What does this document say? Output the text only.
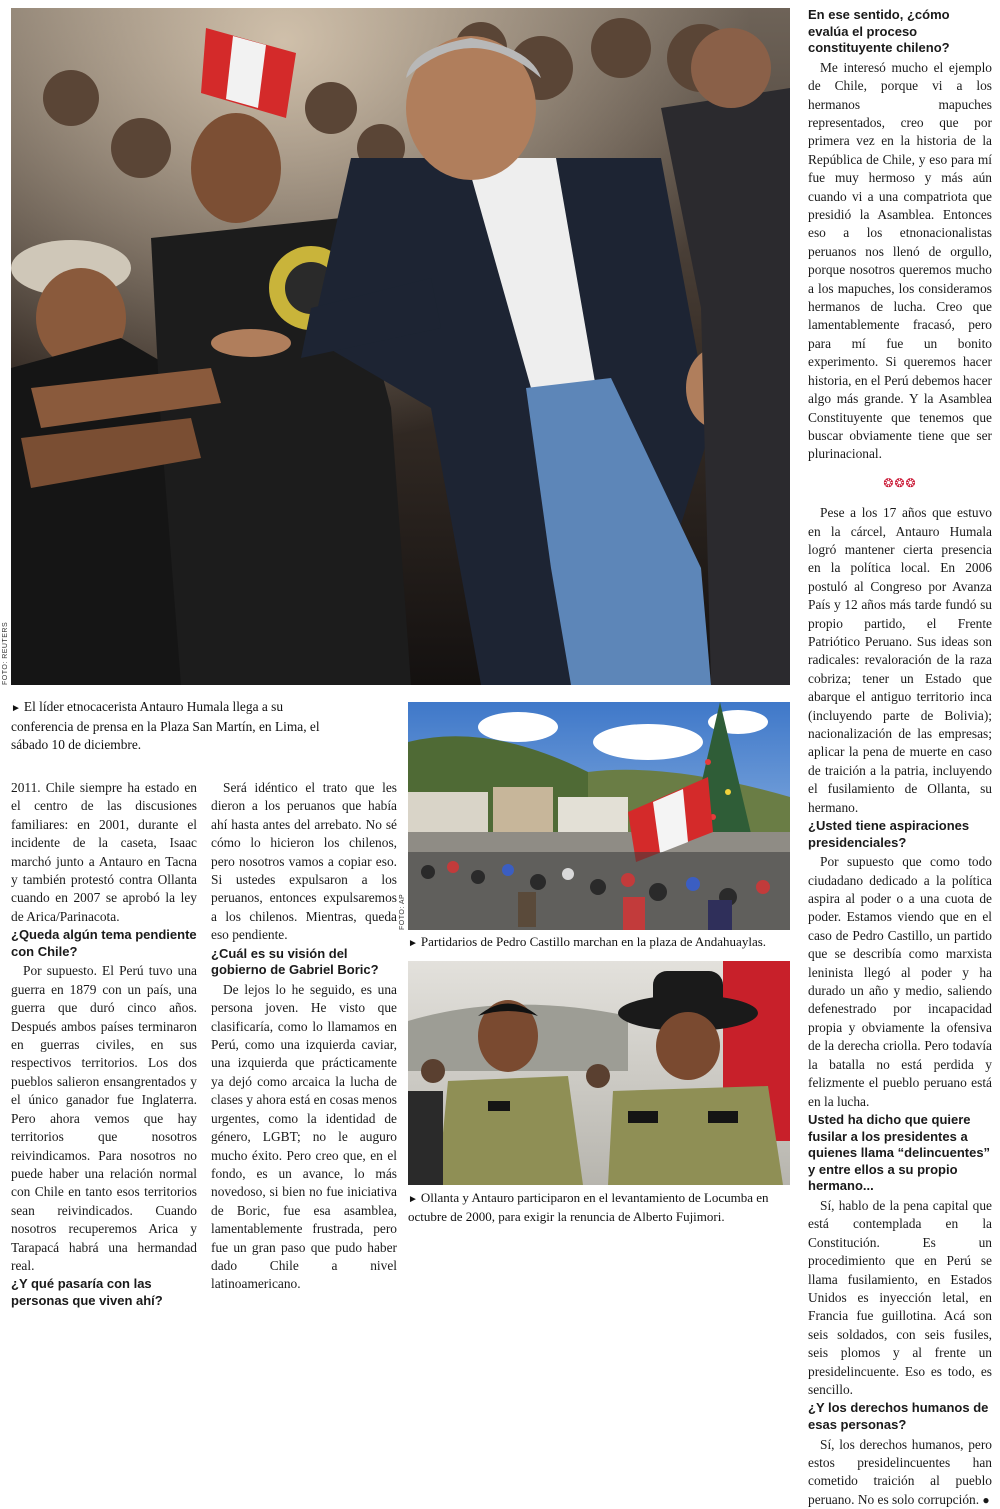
FOTO: REUTERS
► El líder etnocacerista Antauro Humala llega a su conferencia de prensa en la Plaza San Martín, en Lima, el sábado 10 de diciembre.

2011. Chile siempre ha estado en el centro de las discusiones familiares: en 2001, durante el incidente de la caseta, Isaac marchó junto a Antauro en Tacna y también protestó contra Ollanta cuando en 2007 se aprobó la ley de Arica/Parinacota.

¿Queda algún tema pendiente con Chile?

Por supuesto. El Perú tuvo una guerra en 1879 con un país, una guerra que duró cinco años. Después ambos países terminaron en guerras civiles, en sus respectivos territorios. Los dos pueblos salieron ensangrentados y el único ganador fue Inglaterra. Pero ahora vemos que hay territorios que nosotros reivindicamos. Para nosotros no puede haber una relación normal con Chile en tanto esos territorios sean reivindicados. Cuando nosotros recuperemos Arica y Tarapacá habrá una hermandad real.

¿Y qué pasaría con las personas que viven ahí?

Será idéntico el trato que les dieron a los peruanos que había ahí hasta antes del arrebato. No sé cómo lo hicieron los chilenos, pero nosotros vamos a copiar eso. Si ustedes expulsaron a los peruanos, entonces expulsaremos a los chilenos. Mientras, queda eso pendiente.

¿Cuál es su visión del gobierno de Gabriel Boric?

De lejos lo he seguido, es una persona joven. He visto que clasificaría, como lo llamamos en Perú, como una izquierda caviar, una izquierda que prácticamente ya dejó como arcaica la lucha de clases y ahora está en cosas menos urgentes, como la identidad de género, LGBT; no le auguro mucho éxito. Pero creo que, en el fondo, es un avance, lo más novedoso, si bien no fue iniciativa de Boric, fue esa asamblea, lamentablemente frustrada, pero fue un gran paso que pudo haber dado Chile a nivel latinoamericano.

FOTO: AP
► Partidarios de Pedro Castillo marchan en la plaza de Andahuaylas.
► Ollanta y Antauro participaron en el levantamiento de Locumba en octubre de 2000, para exigir la renuncia de Alberto Fujimori.
En ese sentido, ¿cómo evalúa el proceso constituyente chileno?

Me interesó mucho el ejemplo de Chile, porque vi a los hermanos mapuches representados, creo que por primera vez en la historia de la República de Chile, y eso para mí fue muy hermoso y más aún cuando vi a una compatriota que presidió la Asamblea. Entonces eso a los etnonacionalistas peruanos nos llenó de orgullo, porque nosotros queremos mucho a los mapuches, los consideramos hermanos de lucha. Creo que lamentablemente fracasó, pero para mí fue un bonito experimento. Si queremos hacer historia, en el Perú debemos hacer algo más grande. Y la Asamblea Constituyente que tenemos que buscar obviamente tiene que ser plurinacional.

❂❂❂

Pese a los 17 años que estuvo en la cárcel, Antauro Humala logró mantener cierta presencia en la política local. En 2006 postuló al Congreso por Avanza País y 12 años más tarde fundó su propio partido, el Frente Patriótico Peruano. Sus ideas son radicales: revaloración de la raza cobriza; tener un Estado que abarque el antiguo territorio inca (incluyendo parte de Bolivia); nacionalización de las empresas; aplicar la pena de muerte en caso de traición a la patria, incluyendo el fusilamiento de Ollanta, su hermano.

¿Usted tiene aspiraciones presidenciales?

Por supuesto que como todo ciudadano dedicado a la política aspira al poder o a una cuota de poder. Estamos viendo que en el caso de Pedro Castillo, un partido que se describía como marxista leninista llegó al poder y ha durado un año y medio, saliendo defenestrado por incapacidad propia y obviamente la ofensiva de la derecha criolla. Pero todavía la batalla no está perdida y felizmente el pueblo peruano está en la lucha.

Usted ha dicho que quiere fusilar a los presidentes a quienes llama “delincuentes” y entre ellos a su propio hermano...

Sí, hablo de la pena capital que está contemplada en la Constitución. Es un procedimiento que en Perú se llama fusilamiento, en Estados Unidos es inyección letal, en Francia fue guillotina. Acá son seis soldados, con seis fusiles, seis plomos y al frente un presidelincuente. Eso es todo, es sencillo.

¿Y los derechos humanos de esas personas?

Sí, los derechos humanos, pero estos presidelincuentes han cometido traición al pueblo peruano. No es solo corrupción. ●
